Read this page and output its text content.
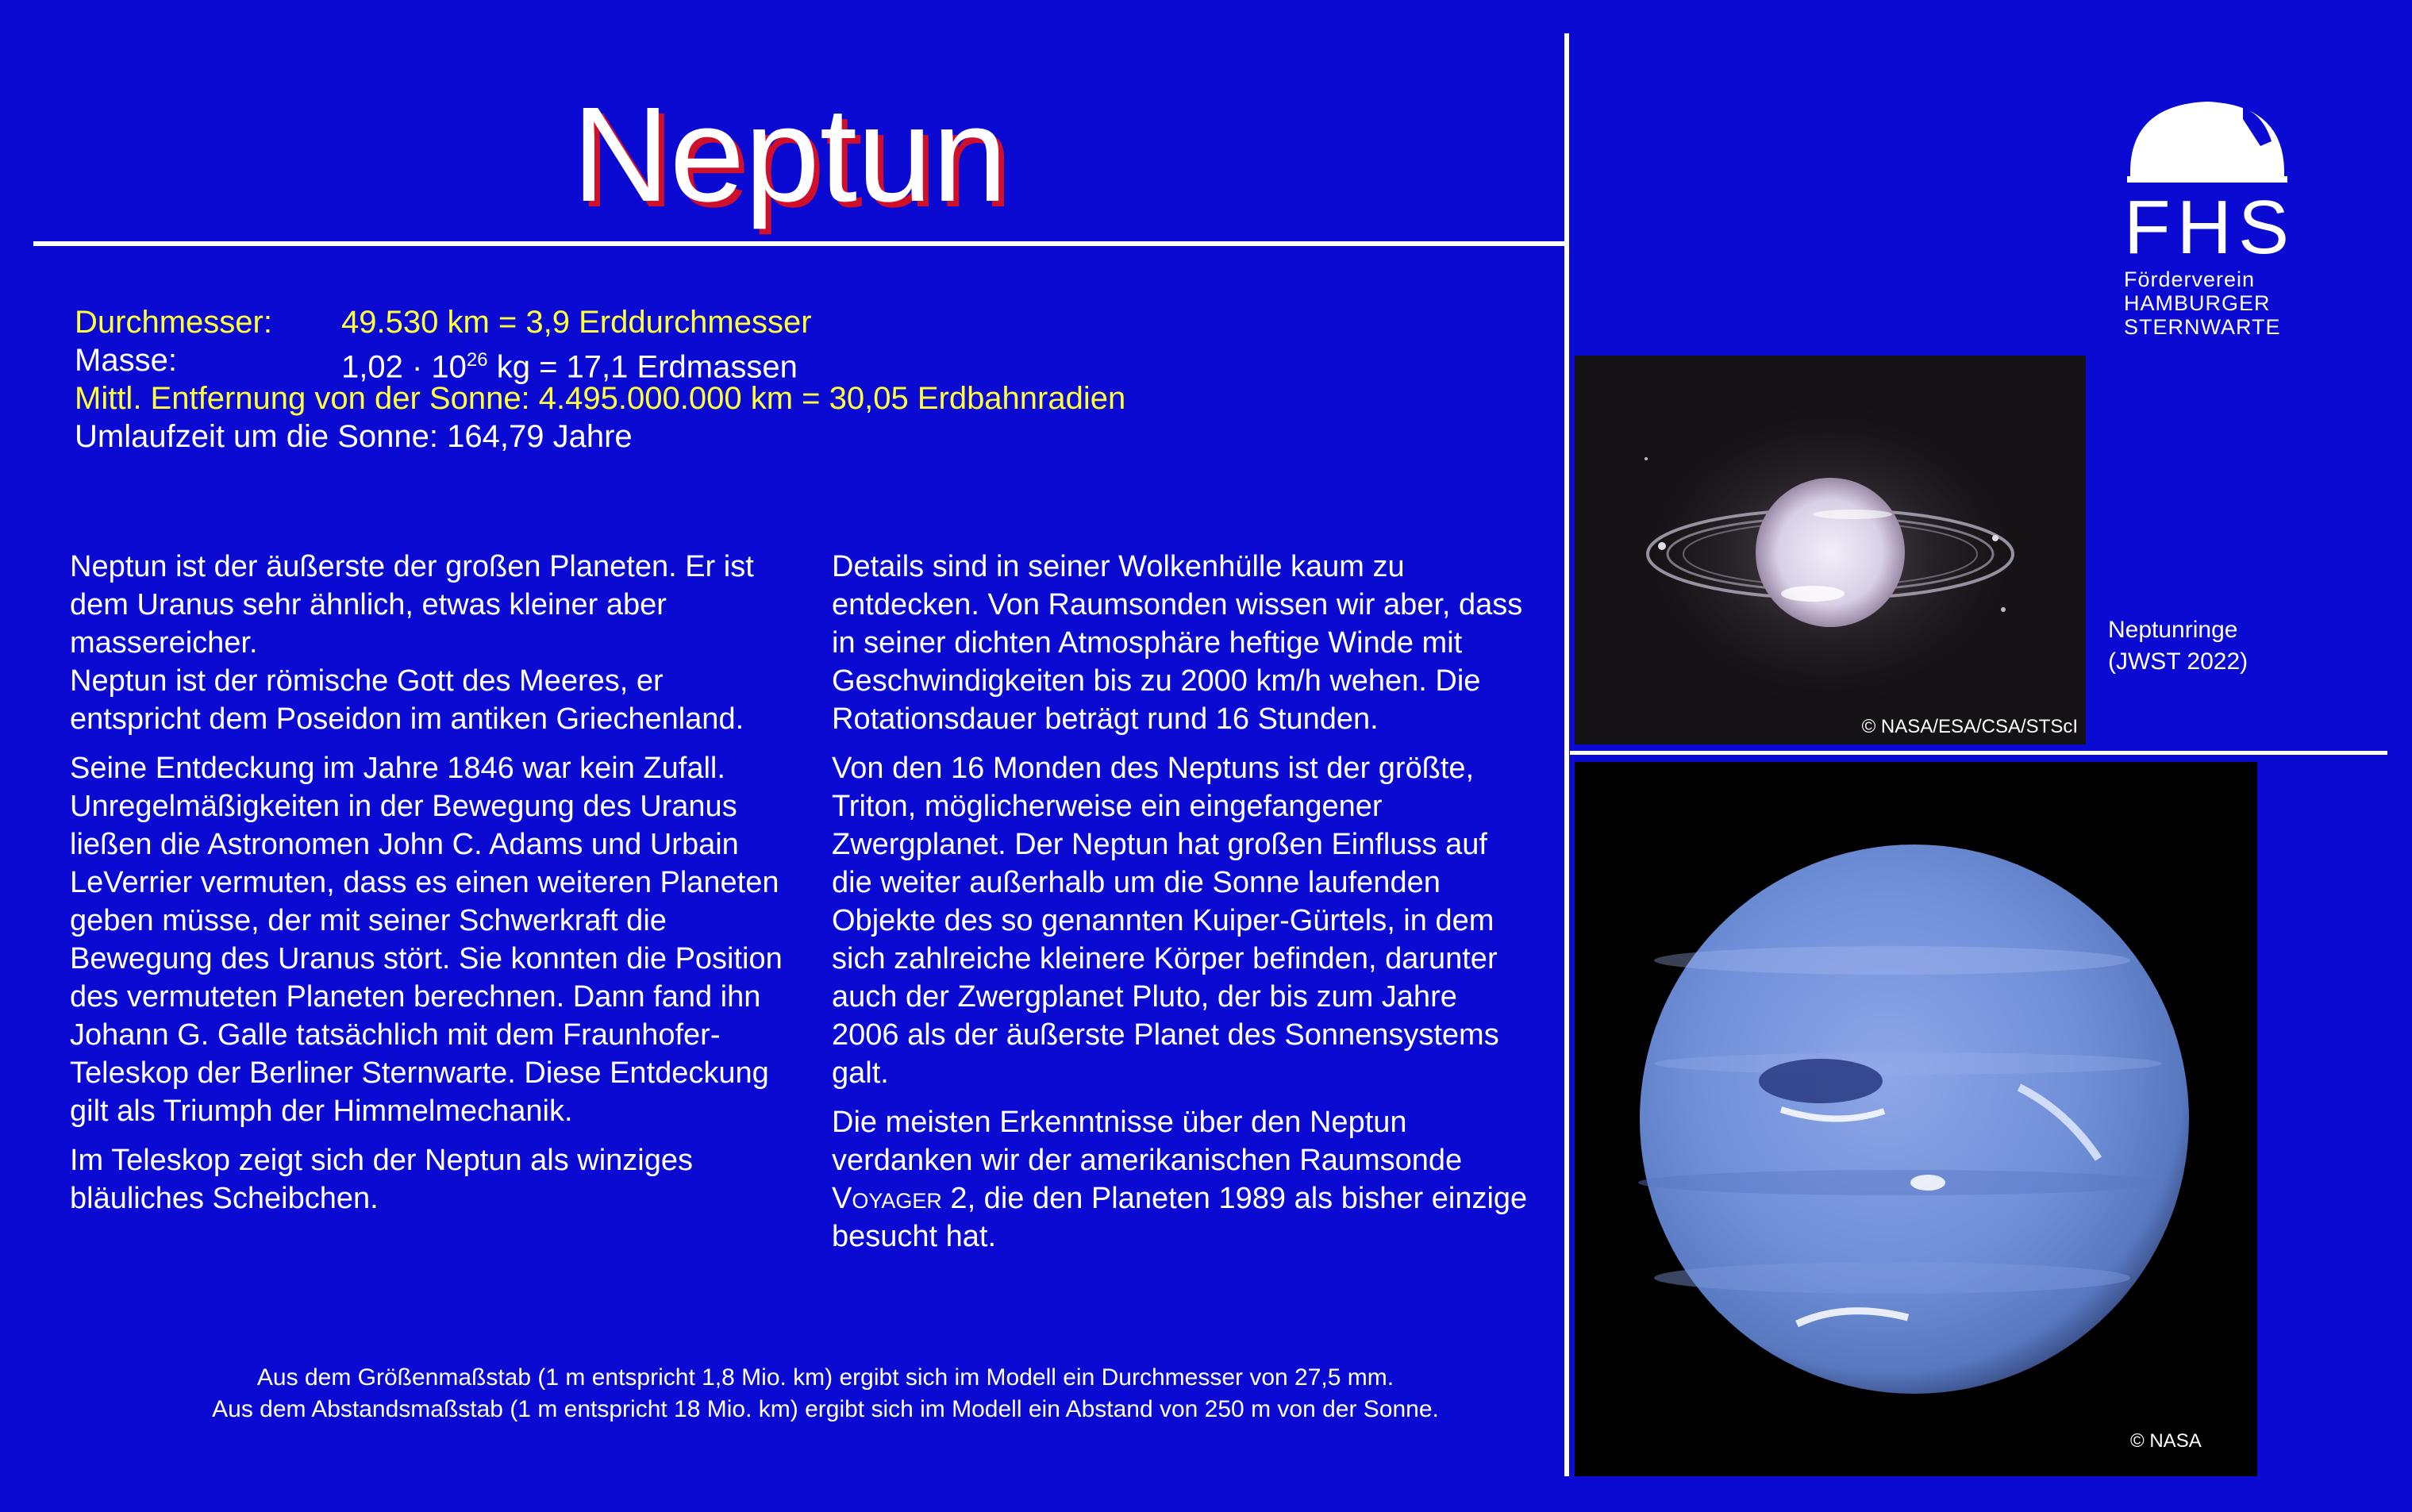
Neptun
Durchmesser: 49.530 km = 3,9 Erddurchmesser
Masse:	$1,02 \cdot 10^{26}$ kg = 17,1 Erdmassen
Mittl. Entfernung von der Sonne: 4.495.000.000 km = 30,05 Erdbahnradien
Umlaufzeit um die Sonne: 164,79 Jahre

Neptun ist der äußerste der großen Planeten. Er ist dem Uranus sehr ähnlich, etwas kleiner aber massereicher.
Neptun ist der römische Gott des Meeres, er entspricht dem Poseidon im antiken Griechenland.

Seine Entdeckung im Jahre 1846 war kein Zufall. Unregelmäßigkeiten in der Bewegung des Uranus ließen die Astronomen John C. Adams und Urbain LeVerrier vermuten, dass es einen weiteren Planeten geben müsse, der mit seiner Schwerkraft die Bewegung des Uranus stört. Sie konnten die Position des vermuteten Planeten berechnen. Dann fand ihn Johann G. Galle tatsächlich mit dem Fraunhofer-Teleskop der Berliner Sternwarte. Diese Entdeckung gilt als Triumph der Himmelmechanik.

Im Teleskop zeigt sich der Neptun als winziges bläuliches Scheibchen.

Details sind in seiner Wolkenhülle kaum zu entdecken. Von Raumsonden wissen wir aber, dass in seiner dichten Atmosphäre heftige Winde mit Geschwindigkeiten bis zu 2000 km/h wehen. Die Rotationsdauer beträgt rund 16 Stunden.

Von den 16 Monden des Neptuns ist der größte, Triton, möglicherweise ein eingefangener Zwergplanet. Der Neptun hat großen Einfluss auf die weiter außerhalb um die Sonne laufenden Objekte des so genannten Kuiper-Gürtels, in dem sich zahlreiche kleinere Körper befinden, darunter auch der Zwergplanet Pluto, der bis zum Jahre 2006 als der äußerste Planet des Sonnensystems galt.

Die meisten Erkenntnisse über den Neptun verdanken wir der amerikanischen Raumsonde Voyager 2, die den Planeten 1989 als bisher einzige besucht hat.

Aus dem Größenmaßstab (1 m entspricht 1,8 Mio. km) ergibt sich im Modell ein Durchmesser von 27,5 mm.
Aus dem Abstandsmaßstab (1 m entspricht 18 Mio. km) ergibt sich im Modell ein Abstand von 250 m von der Sonne.
© NASA/ESA/CSA/STScI
Neptunringe
(JWST 2022)
© NASA
FHS
Förderverein
HAMBURGER
STERNWARTE
